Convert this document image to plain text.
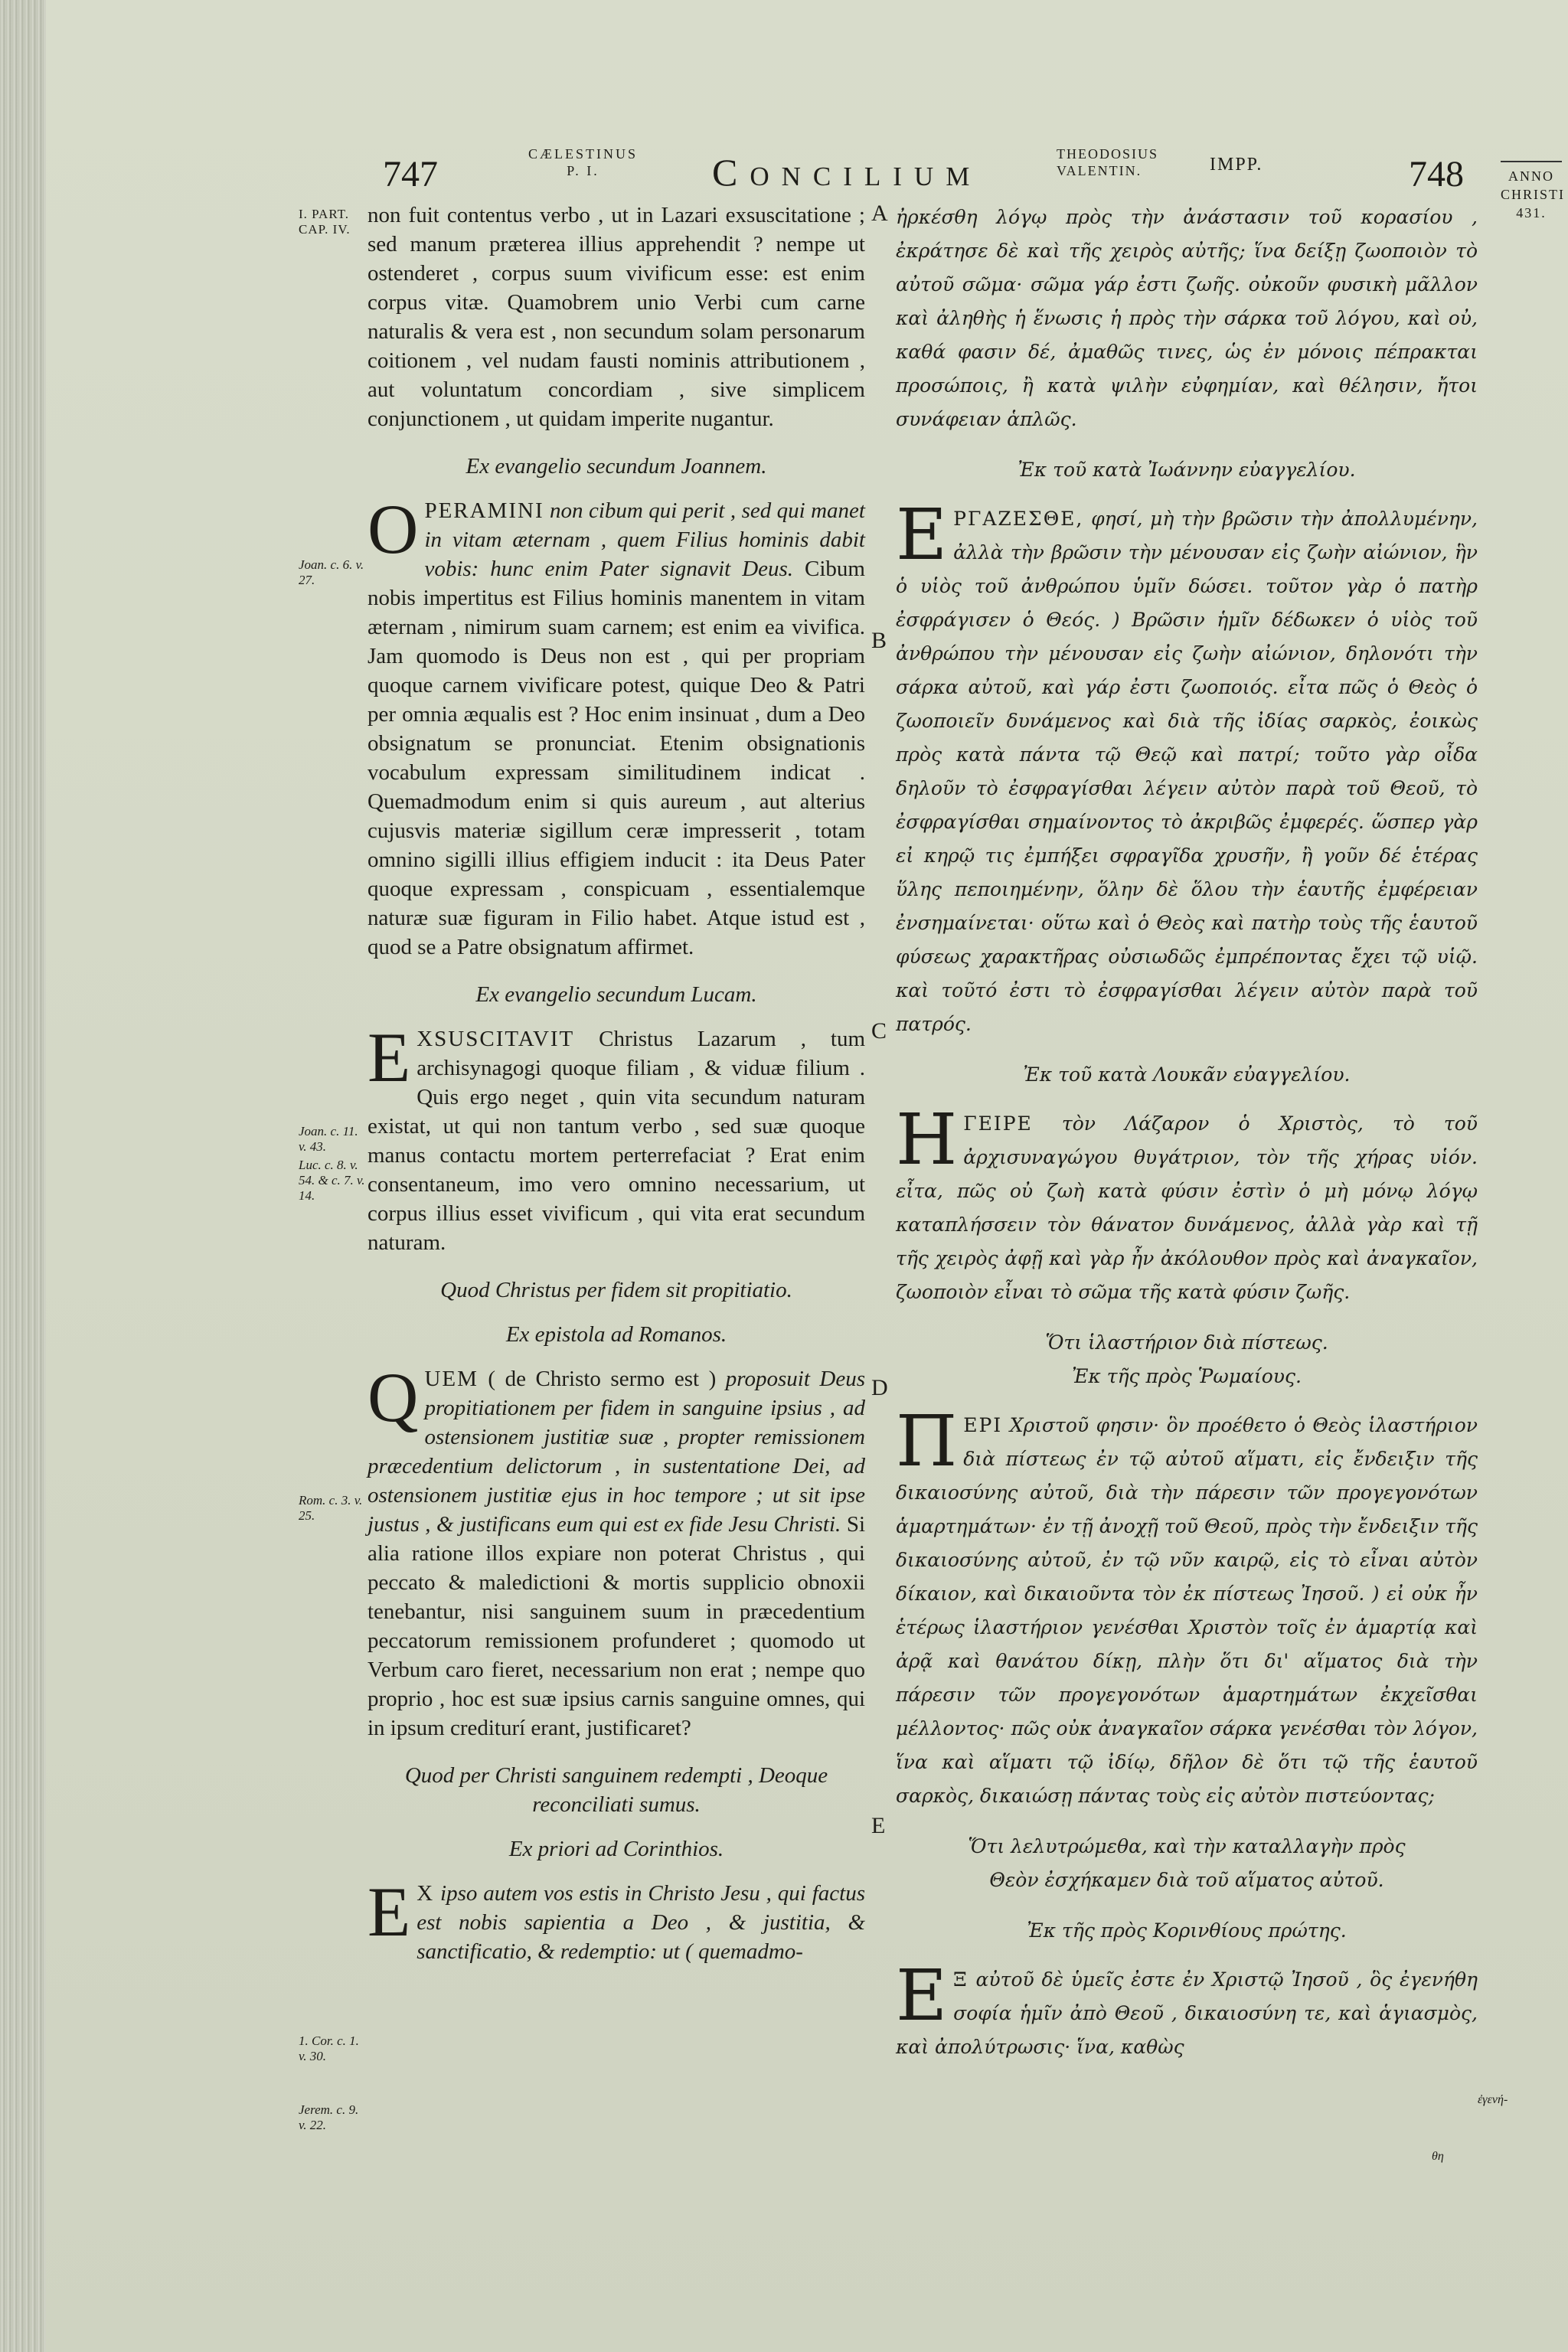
747	CÆLESTINUS
P. I.	Concilium	THEODOSIUS
VALENTIN.	IMPP.	748	ANNO
CHRISTI
431.
I. PART.
CAP. IV.
Joan. c. 6. v. 27.
Joan. c. 11. v. 43.
Luc. c. 8. v. 54. & c. 7. v. 14.
Rom. c. 3. v. 25.
1. Cor. c. 1. v. 30.
Jerem. c. 9. v. 22.
A
B
C
D
E
ἐγενή-
θη

non fuit contentus verbo , ut in Lazari exsuscitatione ; sed manum præterea illius apprehendit ? nempe ut ostenderet , corpus suum vivificum esse: est enim corpus vitæ. Quamobrem unio Verbi cum carne naturalis & vera est , non secundum solam personarum coitionem , vel nudam fausti nominis attributionem , aut voluntatum concordiam , sive simplicem conjunctionem , ut quidam imperite nugantur.

Ex evangelio secundum Joannem.

OPERAMINI non cibum qui perit , sed qui manet in vitam æternam , quem Filius hominis dabit vobis: hunc enim Pater signavit Deus. Cibum nobis impertitus est Filius hominis manentem in vitam æternam , nimirum suam carnem; est enim ea vivifica. Jam quomodo is Deus non est , qui per propriam quoque carnem vivificare potest, quique Deo & Patri per omnia æqualis est ? Hoc enim insinuat , dum a Deo obsignatum se pronunciat. Etenim obsignationis vocabulum expressam similitudinem indicat . Quemadmodum enim si quis aureum , aut alterius cujusvis materiæ sigillum ceræ impresserit , totam omnino sigilli illius effigiem inducit : ita Deus Pater quoque expressam , conspicuam , essentialemque naturæ suæ figuram in Filio habet. Atque istud est , quod se a Patre obsignatum affirmet.

Ex evangelio secundum Lucam.

EXSUSCITAVIT Christus Lazarum , tum archisynagogi quoque filiam , & viduæ filium . Quis ergo neget , quin vita secundum naturam existat, ut qui non tantum verbo , sed suæ quoque manus contactu mortem perterrefaciat ? Erat enim consentaneum, imo vero omnino necessarium, ut corpus illius esset vivificum , qui vita erat secundum naturam.

Quod Christus per fidem sit propitiatio.
Ex epistola ad Romanos.

QUEM ( de Christo sermo est ) proposuit Deus propitiationem per fidem in sanguine ipsius , ad ostensionem justitiæ suæ , propter remissionem præcedentium delictorum , in sustentatione Dei, ad ostensionem justitiæ ejus in hoc tempore ; ut sit ipse justus , & justificans eum qui est ex fide Jesu Christi. Si alia ratione illos expiare non poterat Christus , qui peccato & maledictioni & mortis supplicio obnoxii tenebantur, nisi sanguinem suum in præcedentium peccatorum remissionem profunderet ; quomodo ut Verbum caro fieret, necessarium non erat ; nempe quo proprio , hoc est suæ ipsius carnis sanguine omnes, qui in ipsum crediturí erant, justificaret?

Quod per Christi sanguinem redempti , Deoque reconciliati sumus.
Ex priori ad Corinthios.

E X ipso autem vos estis in Christo Jesu , qui factus est nobis sapientia a Deo , & justitia, & sanctificatio, & redemptio: ut ( quemadmo-

ἠρκέσθη λόγῳ πρὸς τὴν ἀνάστασιν τοῦ κορασίου , ἐκράτησε δὲ καὶ τῆς χειρὸς αὐτῆς; ἵνα δείξῃ ζωοποιὸν τὸ αὐτοῦ σῶμα· σῶμα γάρ ἐστι ζωῆς. οὐκοῦν φυσικὴ μᾶλλον καὶ ἀληθὴς ἡ ἕνωσις ἡ πρὸς τὴν σάρκα τοῦ λόγου, καὶ οὐ, καθά φασιν δέ, ἀμαθῶς τινες, ὡς ἐν μόνοις πέπρακται προσώποις, ἢ κατὰ ψιλὴν εὐφημίαν, καὶ θέλησιν, ἤτοι συνάφειαν ἁπλῶς.

Ἐκ τοῦ κατὰ Ἰωάννην εὐαγγελίου.

ΕΡΓΑΖΕΣΘΕ, φησί, μὴ τὴν βρῶσιν τὴν ἀπολλυμένην, ἀλλὰ τὴν βρῶσιν τὴν μένουσαν εἰς ζωὴν αἰώνιον, ἣν ὁ υἱὸς τοῦ ἀνθρώπου ὑμῖν δώσει. τοῦτον γὰρ ὁ πατὴρ ἐσφράγισεν ὁ Θεός. ) Βρῶσιν ἡμῖν δέδωκεν ὁ υἱὸς τοῦ ἀνθρώπου τὴν μένουσαν εἰς ζωὴν αἰώνιον, δηλονότι τὴν σάρκα αὐτοῦ, καὶ γάρ ἐστι ζωοποιός. εἶτα πῶς ὁ Θεὸς ὁ ζωοποιεῖν δυνάμενος καὶ διὰ τῆς ἰδίας σαρκὸς, ἐοικὼς πρὸς κατὰ πάντα τῷ Θεῷ καὶ πατρί; τοῦτο γὰρ οἶδα δηλοῦν τὸ ἐσφραγίσθαι λέγειν αὐτὸν παρὰ τοῦ Θεοῦ, τὸ ἐσφραγίσθαι σημαίνοντος τὸ ἀκριβῶς ἐμφερές. ὥσπερ γὰρ εἰ κηρῷ τις ἐμπήξει σφραγῖδα χρυσῆν, ἢ γοῦν δέ ἑτέρας ὕλης πεποιημένην, ὅλην δὲ ὅλου τὴν ἑαυτῆς ἐμφέρειαν ἐνσημαίνεται· οὕτω καὶ ὁ Θεὸς καὶ πατὴρ τοὺς τῆς ἑαυτοῦ φύσεως χαρακτῆρας οὐσιωδῶς ἐμπρέποντας ἔχει τῷ υἱῷ. καὶ τοῦτό ἐστι τὸ ἐσφραγίσθαι λέγειν αὐτὸν παρὰ τοῦ πατρός.

Ἐκ τοῦ κατὰ Λουκᾶν εὐαγγελίου.

ΗΓΕΙΡΕ τὸν Λάζαρον ὁ Χριστὸς, τὸ τοῦ ἀρχισυναγώγου θυγάτριον, τὸν τῆς χήρας υἱόν. εἶτα, πῶς οὐ ζωὴ κατὰ φύσιν ἐστὶν ὁ μὴ μόνῳ λόγῳ καταπλήσσειν τὸν θάνατον δυνάμενος, ἀλλὰ γὰρ καὶ τῇ τῆς χειρὸς ἀφῇ καὶ γὰρ ἦν ἀκόλουθον πρὸς καὶ ἀναγκαῖον, ζωοποιὸν εἶναι τὸ σῶμα τῆς κατὰ φύσιν ζωῆς.

Ὅτι ἱλαστήριον διὰ πίστεως.
Ἐκ τῆς πρὸς Ῥωμαίους.

ΠΕΡΙ Χριστοῦ φησιν· ὃν προέθετο ὁ Θεὸς ἱλαστήριον διὰ πίστεως ἐν τῷ αὐτοῦ αἵματι, εἰς ἔνδειξιν τῆς δικαιοσύνης αὐτοῦ, διὰ τὴν πάρεσιν τῶν προγεγονότων ἁμαρτημάτων· ἐν τῇ ἀνοχῇ τοῦ Θεοῦ, πρὸς τὴν ἔνδειξιν τῆς δικαιοσύνης αὐτοῦ, ἐν τῷ νῦν καιρῷ, εἰς τὸ εἶναι αὐτὸν δίκαιον, καὶ δικαιοῦντα τὸν ἐκ πίστεως Ἰησοῦ. ) εἰ οὐκ ἦν ἑτέρως ἱλαστήριον γενέσθαι Χριστὸν τοῖς ἐν ἁμαρτίᾳ καὶ ἀρᾷ καὶ θανάτου δίκῃ, πλὴν ὅτι δι' αἵματος διὰ τὴν πάρεσιν τῶν προγεγονότων ἁμαρτημάτων ἐκχεῖσθαι μέλλοντος· πῶς οὐκ ἀναγκαῖον σάρκα γενέσθαι τὸν λόγον, ἵνα καὶ αἵματι τῷ ἰδίῳ, δῆλον δὲ ὅτι τῷ τῆς ἑαυτοῦ σαρκὸς, δικαιώσῃ πάντας τοὺς εἰς αὐτὸν πιστεύοντας;

Ὅτι λελυτρώμεθα, καὶ τὴν καταλλαγὴν πρὸς
Θεὸν ἐσχήκαμεν διὰ τοῦ αἵματος αὐτοῦ.
Ἐκ τῆς πρὸς Κορινθίους πρώτης.

Ε Ξ αὐτοῦ δὲ ὑμεῖς ἐστε ἐν Χριστῷ Ἰησοῦ , ὃς ἐγενήθη σοφία ἡμῖν ἀπὸ Θεοῦ , δικαιοσύνη τε, καὶ ἁγιασμὸς, καὶ ἀπολύτρωσις· ἵνα, καθὼς
